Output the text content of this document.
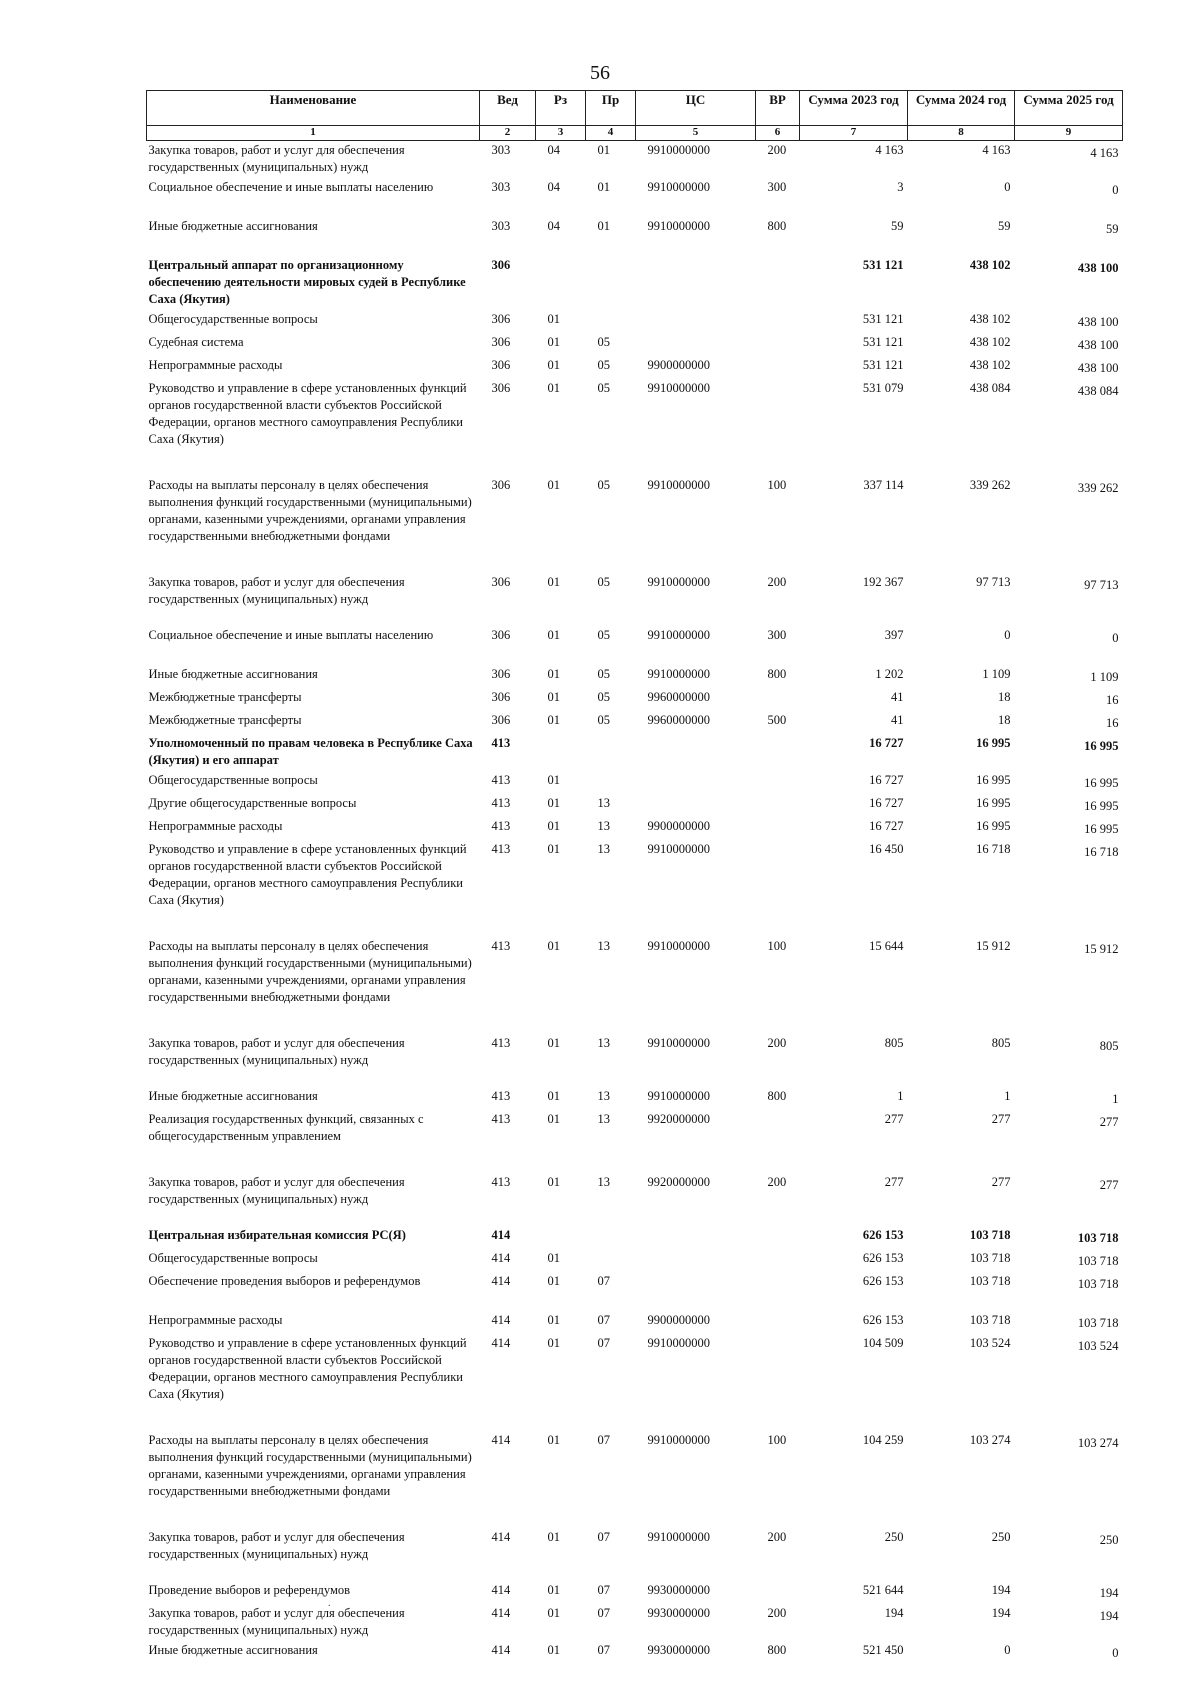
56
Наименование	Вед	Рз	Пр	ЦС	ВР	Сумма 2023 год	Сумма 2024 год	Сумма 2025 год
1	2	3	4	5	6	7	8	9
Закупка товаров, работ и услуг для обеспечения государственных (муниципальных) нужд	303	04	01	9910000000	200	4 163	4 163	4 163
Социальное обеспечение и иные выплаты населению	303	04	01	9910000000	300	3	0	0
Иные бюджетные ассигнования	303	04	01	9910000000	800	59	59	59
Центральный аппарат по организационному обеспечению деятельности мировых судей в Республике Саха (Якутия)	306					531 121	438 102	438 100
Общегосударственные вопросы	306	01				531 121	438 102	438 100
Судебная система	306	01	05			531 121	438 102	438 100
Непрограммные расходы	306	01	05	9900000000		531 121	438 102	438 100
Руководство и управление в сфере установленных функций органов государственной власти субъектов Российской Федерации, органов местного самоуправления Республики Саха (Якутия)	306	01	05	9910000000		531 079	438 084	438 084
Расходы на выплаты персоналу в целях обеспечения выполнения функций государственными (муниципальными) органами, казенными учреждениями, органами управления государственными внебюджетными фондами	306	01	05	9910000000	100	337 114	339 262	339 262
Закупка товаров, работ и услуг для обеспечения государственных (муниципальных) нужд	306	01	05	9910000000	200	192 367	97 713	97 713
Социальное обеспечение и иные выплаты населению	306	01	05	9910000000	300	397	0	0
Иные бюджетные ассигнования	306	01	05	9910000000	800	1 202	1 109	1 109
Межбюджетные трансферты	306	01	05	9960000000		41	18	16
Межбюджетные трансферты	306	01	05	9960000000	500	41	18	16
Уполномоченный по правам человека в Республике Саха (Якутия) и его аппарат	413					16 727	16 995	16 995
Общегосударственные вопросы	413	01				16 727	16 995	16 995
Другие общегосударственные вопросы	413	01	13			16 727	16 995	16 995
Непрограммные расходы	413	01	13	9900000000		16 727	16 995	16 995
Руководство и управление в сфере установленных функций органов государственной власти субъектов Российской Федерации, органов местного самоуправления Республики Саха (Якутия)	413	01	13	9910000000		16 450	16 718	16 718
Расходы на выплаты персоналу в целях обеспечения выполнения функций государственными (муниципальными) органами, казенными учреждениями, органами управления государственными внебюджетными фондами	413	01	13	9910000000	100	15 644	15 912	15 912
Закупка товаров, работ и услуг для обеспечения государственных (муниципальных) нужд	413	01	13	9910000000	200	805	805	805
Иные бюджетные ассигнования	413	01	13	9910000000	800	1	1	1
Реализация государственных функций, связанных с общегосударственным управлением	413	01	13	9920000000		277	277	277
Закупка товаров, работ и услуг для обеспечения государственных (муниципальных) нужд	413	01	13	9920000000	200	277	277	277
Центральная избирательная комиссия РС(Я)	414					626 153	103 718	103 718
Общегосударственные вопросы	414	01				626 153	103 718	103 718
Обеспечение проведения выборов и референдумов	414	01	07			626 153	103 718	103 718
Непрограммные расходы	414	01	07	9900000000		626 153	103 718	103 718
Руководство и управление в сфере установленных функций органов государственной власти субъектов Российской Федерации, органов местного самоуправления Республики Саха (Якутия)	414	01	07	9910000000		104 509	103 524	103 524
Расходы на выплаты персоналу в целях обеспечения выполнения функций государственными (муниципальными) органами, казенными учреждениями, органами управления государственными внебюджетными фондами	414	01	07	9910000000	100	104 259	103 274	103 274
Закупка товаров, работ и услуг для обеспечения государственных (муниципальных) нужд	414	01	07	9910000000	200	250	250	250
Проведение выборов и референдумов	414	01	07	9930000000		521 644	194	194
Закупка товаров, работ и услуг для обеспечения государственных (муниципальных) нужд	414	01	07	9930000000	200	194	194	194
Иные бюджетные ассигнования	414	01	07	9930000000	800	521 450	0	0
.
